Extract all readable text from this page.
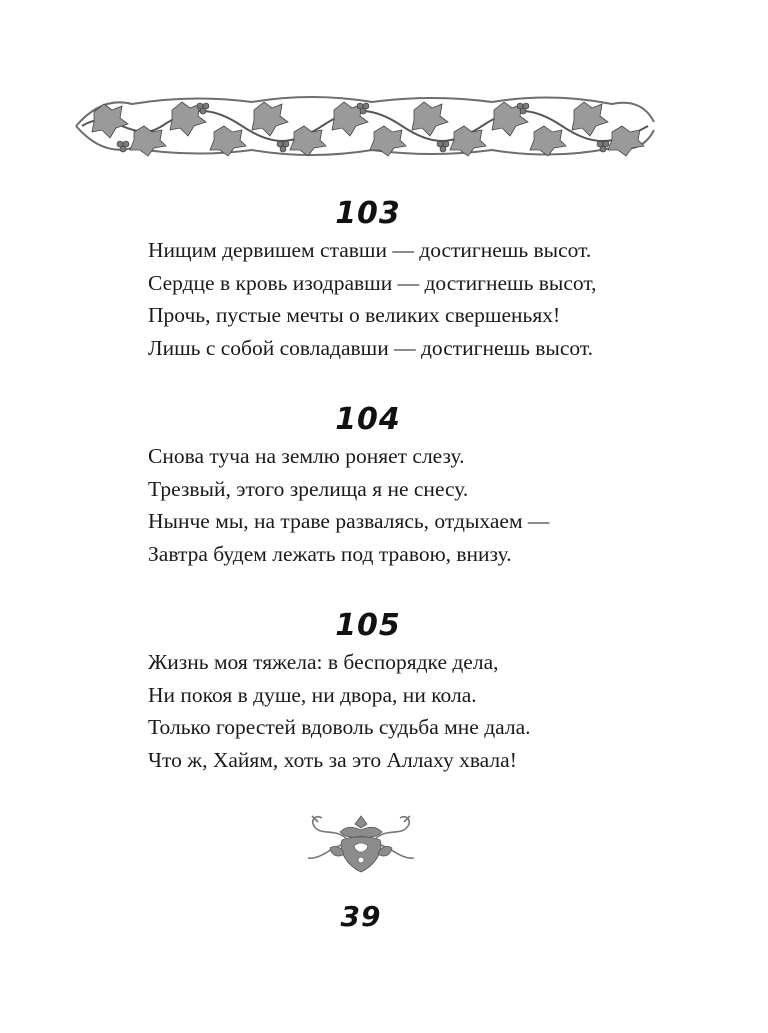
103
Нищим дервишем ставши — достигнешь высот.
Сердце в кровь изодравши — достигнешь высот,
Прочь, пустые мечты о великих свершеньях!
Лишь с собой совладавши — достигнешь высот.
104
Снова туча на землю роняет слезу.
Трезвый, этого зрелища я не снесу.
Нынче мы, на траве развалясь, отдыхаем —
Завтра будем лежать под травою, внизу.
105
Жизнь моя тяжела: в беспорядке дела,
Ни покоя в душе, ни двора, ни кола.
Только горестей вдоволь судьба мне дала.
Что ж, Хайям, хоть за это Аллаху хвала!
39
